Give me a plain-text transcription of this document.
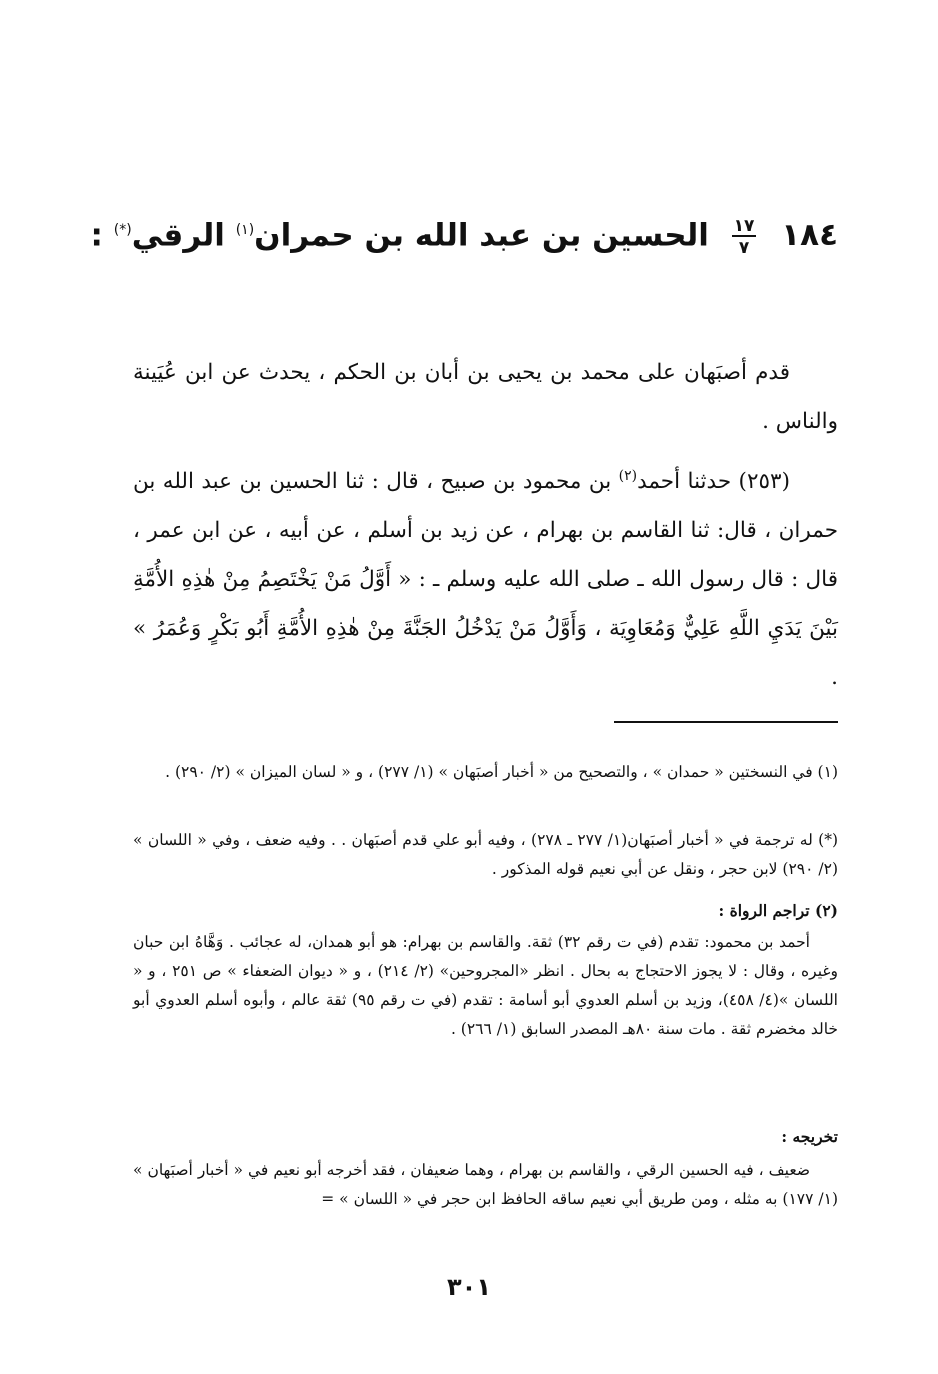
١٨٤
$\frac{١٧}{٧}$
الحسين بن عبد الله بن حمران$^{(١)}$ الرقي(*) :
قدم أصبَهان على محمد بن يحيى بن أبان بن الحكم ، يحدث عن ابن عُيَينة والناس .

(٢٥٣) حدثنا أحمد$^{(٢)}$ بن محمود بن صبيح ، قال : ثنا الحسين بن عبد الله بن حمران ، قال: ثنا القاسم بن بهرام ، عن زيد بن أسلم ، عن أبيه ، عن ابن عمر ، قال : قال رسول الله ـ صلى الله عليه وسلم ـ : « أَوَّلُ مَنْ يَخْتَصِمُ مِنْ هٰذِهِ الأُمَّةِ بَيْنَ يَدَيِ اللَّهِ عَلِيٌّ وَمُعَاوِيَة ، وَأَوَّلُ مَنْ يَدْخُلُ الجَنَّةَ مِنْ هٰذِهِ الأُمَّةِ أَبُو بَكْرٍ وَعُمَرُ » .

(١) في النسختين « حمدان » ، والتصحيح من « أخبار أصبَهان » (١/ ٢٧٧) ، و « لسان الميزان » (٢/ ٢٩٠) .

(*) له ترجمة في « أخبار أصبَهان(١/ ٢٧٧ ـ ٢٧٨) ، وفيه أبو علي قدم أصبَهان . . وفيه ضعف ، وفي « اللسان » (٢/ ٢٩٠) لابن حجر ، ونقل عن أبي نعيم قوله المذكور .

(٢) تراجم الرواة :

أحمد بن محمود: تقدم (في ت رقم ٣٢) ثقة. والقاسم بن بهرام: هو أبو همدان، له عجائب . وَهَّاهُ ابن حبان وغيره ، وقال : لا يجوز الاحتجاج به بحال . انظر «المجروحين» (٢/ ٢١٤) ، و « ديوان الضعفاء » ص ٢٥١ ، و « اللسان »(٤/ ٤٥٨)، وزيد بن أسلم العدوي أبو أسامة : تقدم (في ت رقم ٩٥) ثقة عالم ، وأبوه أسلم العدوي أبو خالد مخضرم ثقة . مات سنة ٨٠هـ المصدر السابق (١/ ٢٦٦) .

تخريجه :

ضعيف ، فيه الحسين الرقي ، والقاسم بن بهرام ، وهما ضعيفان ، فقد أخرجه أبو نعيم في « أخبار أصبَهان » (١/ ١٧٧) به مثله ، ومن طريق أبي نعيم ساقه الحافظ ابن حجر في « اللسان » =

٣٠١
